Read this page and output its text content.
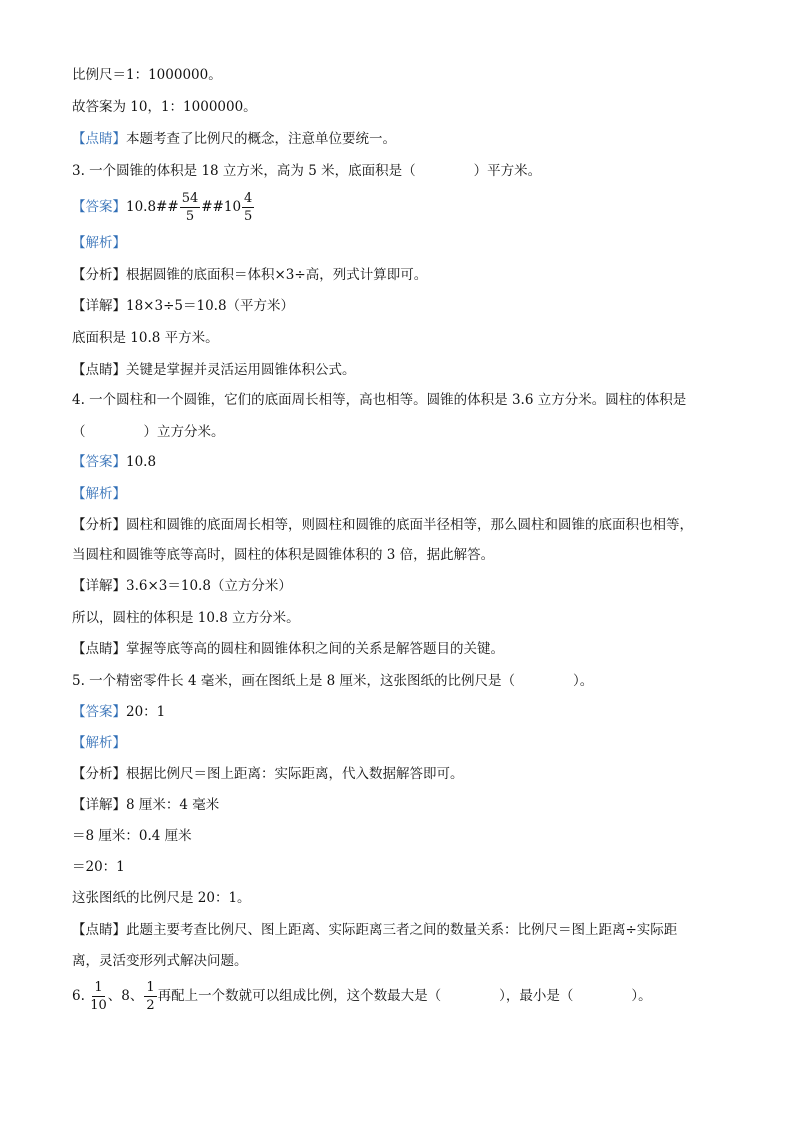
比例尺＝1：1000000。
故答案为 10，1：1000000。
【点睛】本题考查了比例尺的概念，注意单位要统一。
3. 一个圆锥的体积是 18 立方米，高为 5 米，底面积是（	）平方米。
【答案】10.8## $\frac{54}{5}$ ##10 $\frac{4}{5}$
【解析】
【分析】根据圆锥的底面积＝体积×3÷高，列式计算即可。
【详解】18×3÷5＝10.8（平方米）
底面积是 10.8 平方米。
【点睛】关键是掌握并灵活运用圆锥体积公式。
4. 一个圆柱和一个圆锥，它们的底面周长相等，高也相等。圆锥的体积是 3.6 立方分米。圆柱的体积是
（	）立方分米。
【答案】10.8
【解析】
【分析】圆柱和圆锥的底面周长相等，则圆柱和圆锥的底面半径相等，那么圆柱和圆锥的底面积也相等，
当圆柱和圆锥等底等高时，圆柱的体积是圆锥体积的 3 倍，据此解答。
【详解】3.6×3＝10.8（立方分米）
所以，圆柱的体积是 10.8 立方分米。
【点睛】掌握等底等高的圆柱和圆锥体积之间的关系是解答题目的关键。
5. 一个精密零件长 4 毫米，画在图纸上是 8 厘米，这张图纸的比例尺是（	）。
【答案】20：1
【解析】
【分析】根据比例尺＝图上距离：实际距离，代入数据解答即可。
【详解】8 厘米：4 毫米
＝8 厘米：0.4 厘米
＝20：1
这张图纸的比例尺是 20：1。
【点睛】此题主要考查比例尺、图上距离、实际距离三者之间的数量关系：比例尺＝图上距离÷实际距
离，灵活变形列式解决问题。
6. $\frac{1}{10}$ 、8、 $\frac{1}{2}$ 再配上一个数就可以组成比例，这个数最大是（	），最小是（	）。
